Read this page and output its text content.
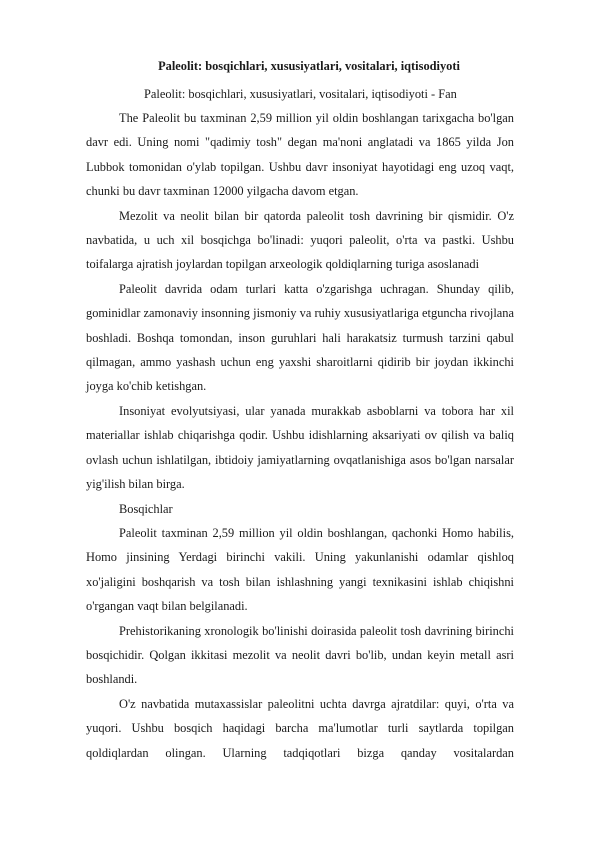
Paleolit: bosqichlari, xususiyatlari, vositalari, iqtisodiyoti
Paleolit: bosqichlari, xususiyatlari, vositalari, iqtisodiyoti - Fan

The Paleolit bu taxminan 2,59 million yil oldin boshlangan tarixgacha bo'lgan davr edi. Uning nomi "qadimiy tosh" degan ma'noni anglatadi va 1865 yilda Jon Lubbok tomonidan o'ylab topilgan. Ushbu davr insoniyat hayotidagi eng uzoq vaqt, chunki bu davr taxminan 12000 yilgacha davom etgan.

Mezolit va neolit bilan bir qatorda paleolit tosh davrining bir qismidir. O'z navbatida, u uch xil bosqichga bo'linadi: yuqori paleolit, o'rta va pastki. Ushbu toifalarga ajratish joylardan topilgan arxeologik qoldiqlarning turiga asoslanadi

Paleolit davrida odam turlari katta o'zgarishga uchragan. Shunday qilib, gominidlar zamonaviy insonning jismoniy va ruhiy xususiyatlariga etguncha rivojlana boshladi. Boshqa tomondan, inson guruhlari hali harakatsiz turmush tarzini qabul qilmagan, ammo yashash uchun eng yaxshi sharoitlarni qidirib bir joydan ikkinchi joyga ko'chib ketishgan.

Insoniyat evolyutsiyasi, ular yanada murakkab asboblarni va tobora har xil materiallar ishlab chiqarishga qodir. Ushbu idishlarning aksariyati ov qilish va baliq ovlash uchun ishlatilgan, ibtidoiy jamiyatlarning ovqatlanishiga asos bo'lgan narsalar yig'ilish bilan birga.

Bosqichlar

Paleolit taxminan 2,59 million yil oldin boshlangan, qachonki Homo habilis, Homo jinsining Yerdagi birinchi vakili. Uning yakunlanishi odamlar qishloq xo'jaligini boshqarish va tosh bilan ishlashning yangi texnikasini ishlab chiqishni o'rgangan vaqt bilan belgilanadi.

Prehistorikaning xronologik bo'linishi doirasida paleolit tosh davrining birinchi bosqichidir. Qolgan ikkitasi mezolit va neolit davri bo'lib, undan keyin metall asri boshlandi.

O'z navbatida mutaxassislar paleolitni uchta davrga ajratdilar: quyi, o'rta va yuqori. Ushbu bosqich haqidagi barcha ma'lumotlar turli saytlarda topilgan qoldiqlardan olingan. Ularning tadqiqotlari bizga qanday vositalardan
